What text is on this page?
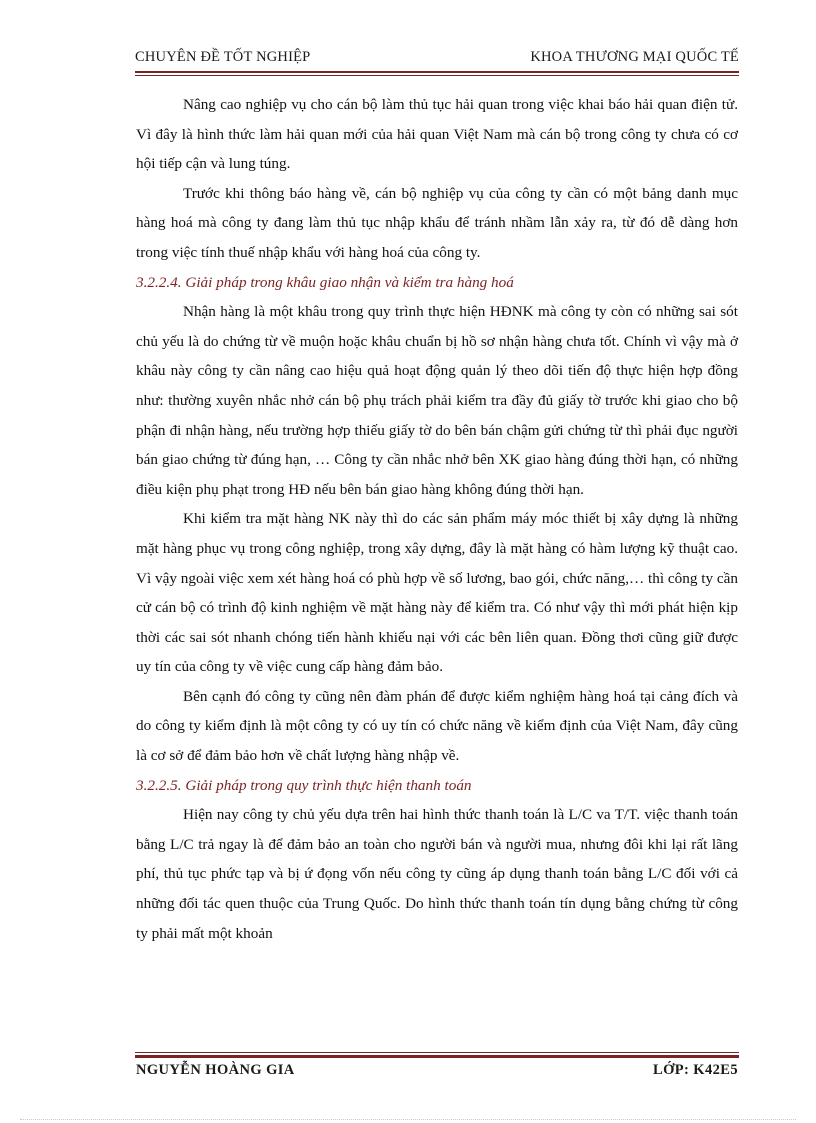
CHUYÊN ĐỀ TỐT NGHIỆP	KHOA THƯƠNG MẠI QUỐC TẾ

Nâng cao nghiệp vụ cho cán bộ làm thủ tục hải quan trong việc khai báo hải quan điện tử. Vì đây là hình thức làm hải quan mới của hải quan Việt Nam mà cán bộ trong công ty chưa có cơ hội tiếp cận và lung túng.

Trước khi thông báo hàng về, cán bộ nghiệp vụ của công ty cần có một bảng danh mục hàng hoá mà công ty đang làm thủ tục nhập khẩu để tránh nhầm lẫn xảy ra, từ đó dễ dàng hơn trong việc tính thuế nhập khẩu với hàng hoá của công ty.

3.2.2.4. Giải pháp trong khâu giao nhận và kiểm tra hàng hoá

Nhận hàng là một khâu trong quy trình thực hiện HĐNK mà công ty còn có những sai sót chủ yếu là do chứng từ về muộn hoặc khâu chuẩn bị hồ sơ nhận hàng chưa tốt. Chính vì vậy mà ở khâu này công ty cần nâng cao hiệu quả hoạt động quản lý theo dõi tiến độ thực hiện hợp đồng như: thường xuyên nhắc nhở cán bộ phụ trách phải kiểm tra đầy đủ giấy tờ trước khi giao cho bộ phận đi nhận hàng, nếu trường hợp thiếu giấy tờ do bên bán chậm gửi chứng từ thì phải đục người bán giao chứng từ đúng hạn, … Công ty cần nhắc nhở bên XK giao hàng đúng thời hạn, có những điều kiện phụ phạt trong HĐ nếu bên bán giao hàng không đúng thời hạn.

Khi kiểm tra mặt hàng NK này thì do các sản phẩm máy móc thiết bị xây dựng là những mặt hàng phục vụ trong công nghiệp, trong xây dựng, đây là mặt hàng có hàm lượng kỹ thuật cao. Vì vậy ngoài việc xem xét hàng hoá có phù hợp về số lương, bao gói, chức năng,… thì công ty cần cử cán bộ có trình độ kinh nghiệm về mặt hàng này để kiểm tra. Có như vậy thì mới phát hiện kịp thời các sai sót nhanh chóng tiến hành khiếu nại với các bên liên quan. Đồng thơi cũng giữ được uy tín của công ty về việc cung cấp hàng đảm bảo.

Bên cạnh đó công ty cũng nên đàm phán để được kiểm nghiệm hàng hoá tại cảng đích và do công ty kiểm định là một công ty có uy tín có chức năng về kiểm định của Việt Nam, đây cũng là cơ sở để đảm bảo hơn về chất lượng hàng nhập về.

3.2.2.5. Giải pháp trong quy trình thực hiện thanh toán

Hiện nay công ty chủ yếu dựa trên hai hình thức thanh toán là L/C va T/T. việc thanh toán bằng L/C trả ngay là để đảm bảo an toàn cho người bán và người mua, nhưng đôi khi lại rất lãng phí, thủ tục phức tạp và bị ứ đọng vốn nếu công ty cũng áp dụng thanh toán bằng L/C đối với cả những đối tác quen thuộc của Trung Quốc. Do hình thức thanh toán tín dụng bằng chứng từ công ty phải mất một khoản

NGUYỄN HOÀNG GIA	LỚP: K42E5
